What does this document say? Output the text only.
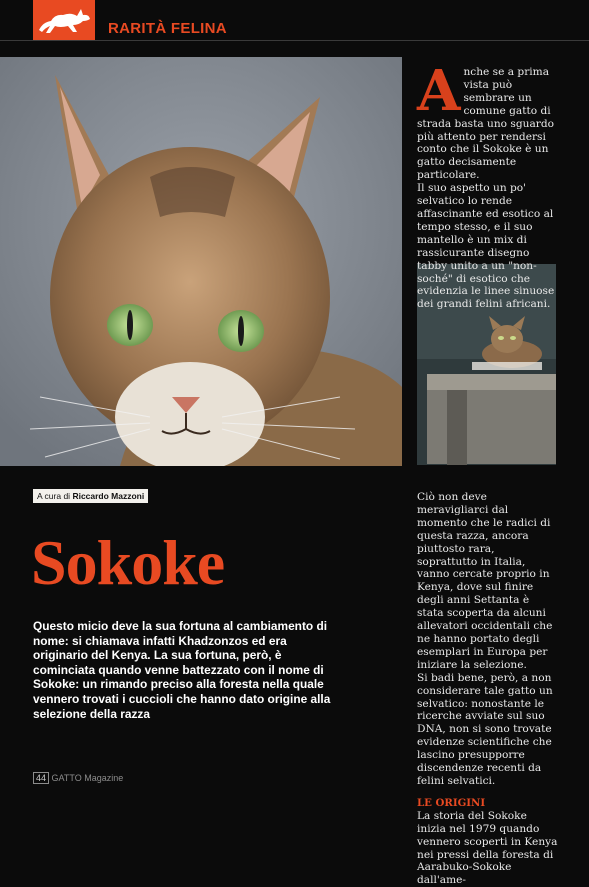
RARITÀ FELINA
A nche se a prima vista può sembrare un comune gatto di strada basta uno sguardo più attento per rendersi conto che il Sokoke è un gatto decisamente particolare.

Il suo aspetto un po' selvatico lo rende affascinante ed esotico al tempo stesso, e il suo mantello è un mix di rassicurante disegno tabby unito a un "non-soché" di esotico che evidenzia le linee sinuose dei grandi felini africani.

A cura di Riccardo Mazzoni
Sokoke
Questo micio deve la sua fortuna al cambiamento di nome: si chiamava infatti Khadzonzos ed era originario del Kenya. La sua fortuna, però, è cominciata quando venne battezzato con il nome di Sokoke: un rimando preciso alla foresta nella quale vennero trovati i cuccioli che hanno dato origine alla selezione della razza

Ciò non deve meravigliarci dal momento che le radici di questa razza, ancora piuttosto rara, soprattutto in Italia, vanno cercate proprio in Kenya, dove sul finire degli anni Settanta è stata scoperta da alcuni allevatori occidentali che ne hanno portato degli esemplari in Europa per iniziare la selezione.

Si badi bene, però, a non considerare tale gatto un selvatico: nonostante le ricerche avviate sul suo DNA, non si sono trovate evidenze scientifiche che lascino presupporre discendenze recenti da felini selvatici.

LE ORIGINI

La storia del Sokoke inizia nel 1979 quando vennero scoperti in Kenya nei pressi della foresta di Aarabuko-Sokoke dall'ame-

44 GATTO Magazine
